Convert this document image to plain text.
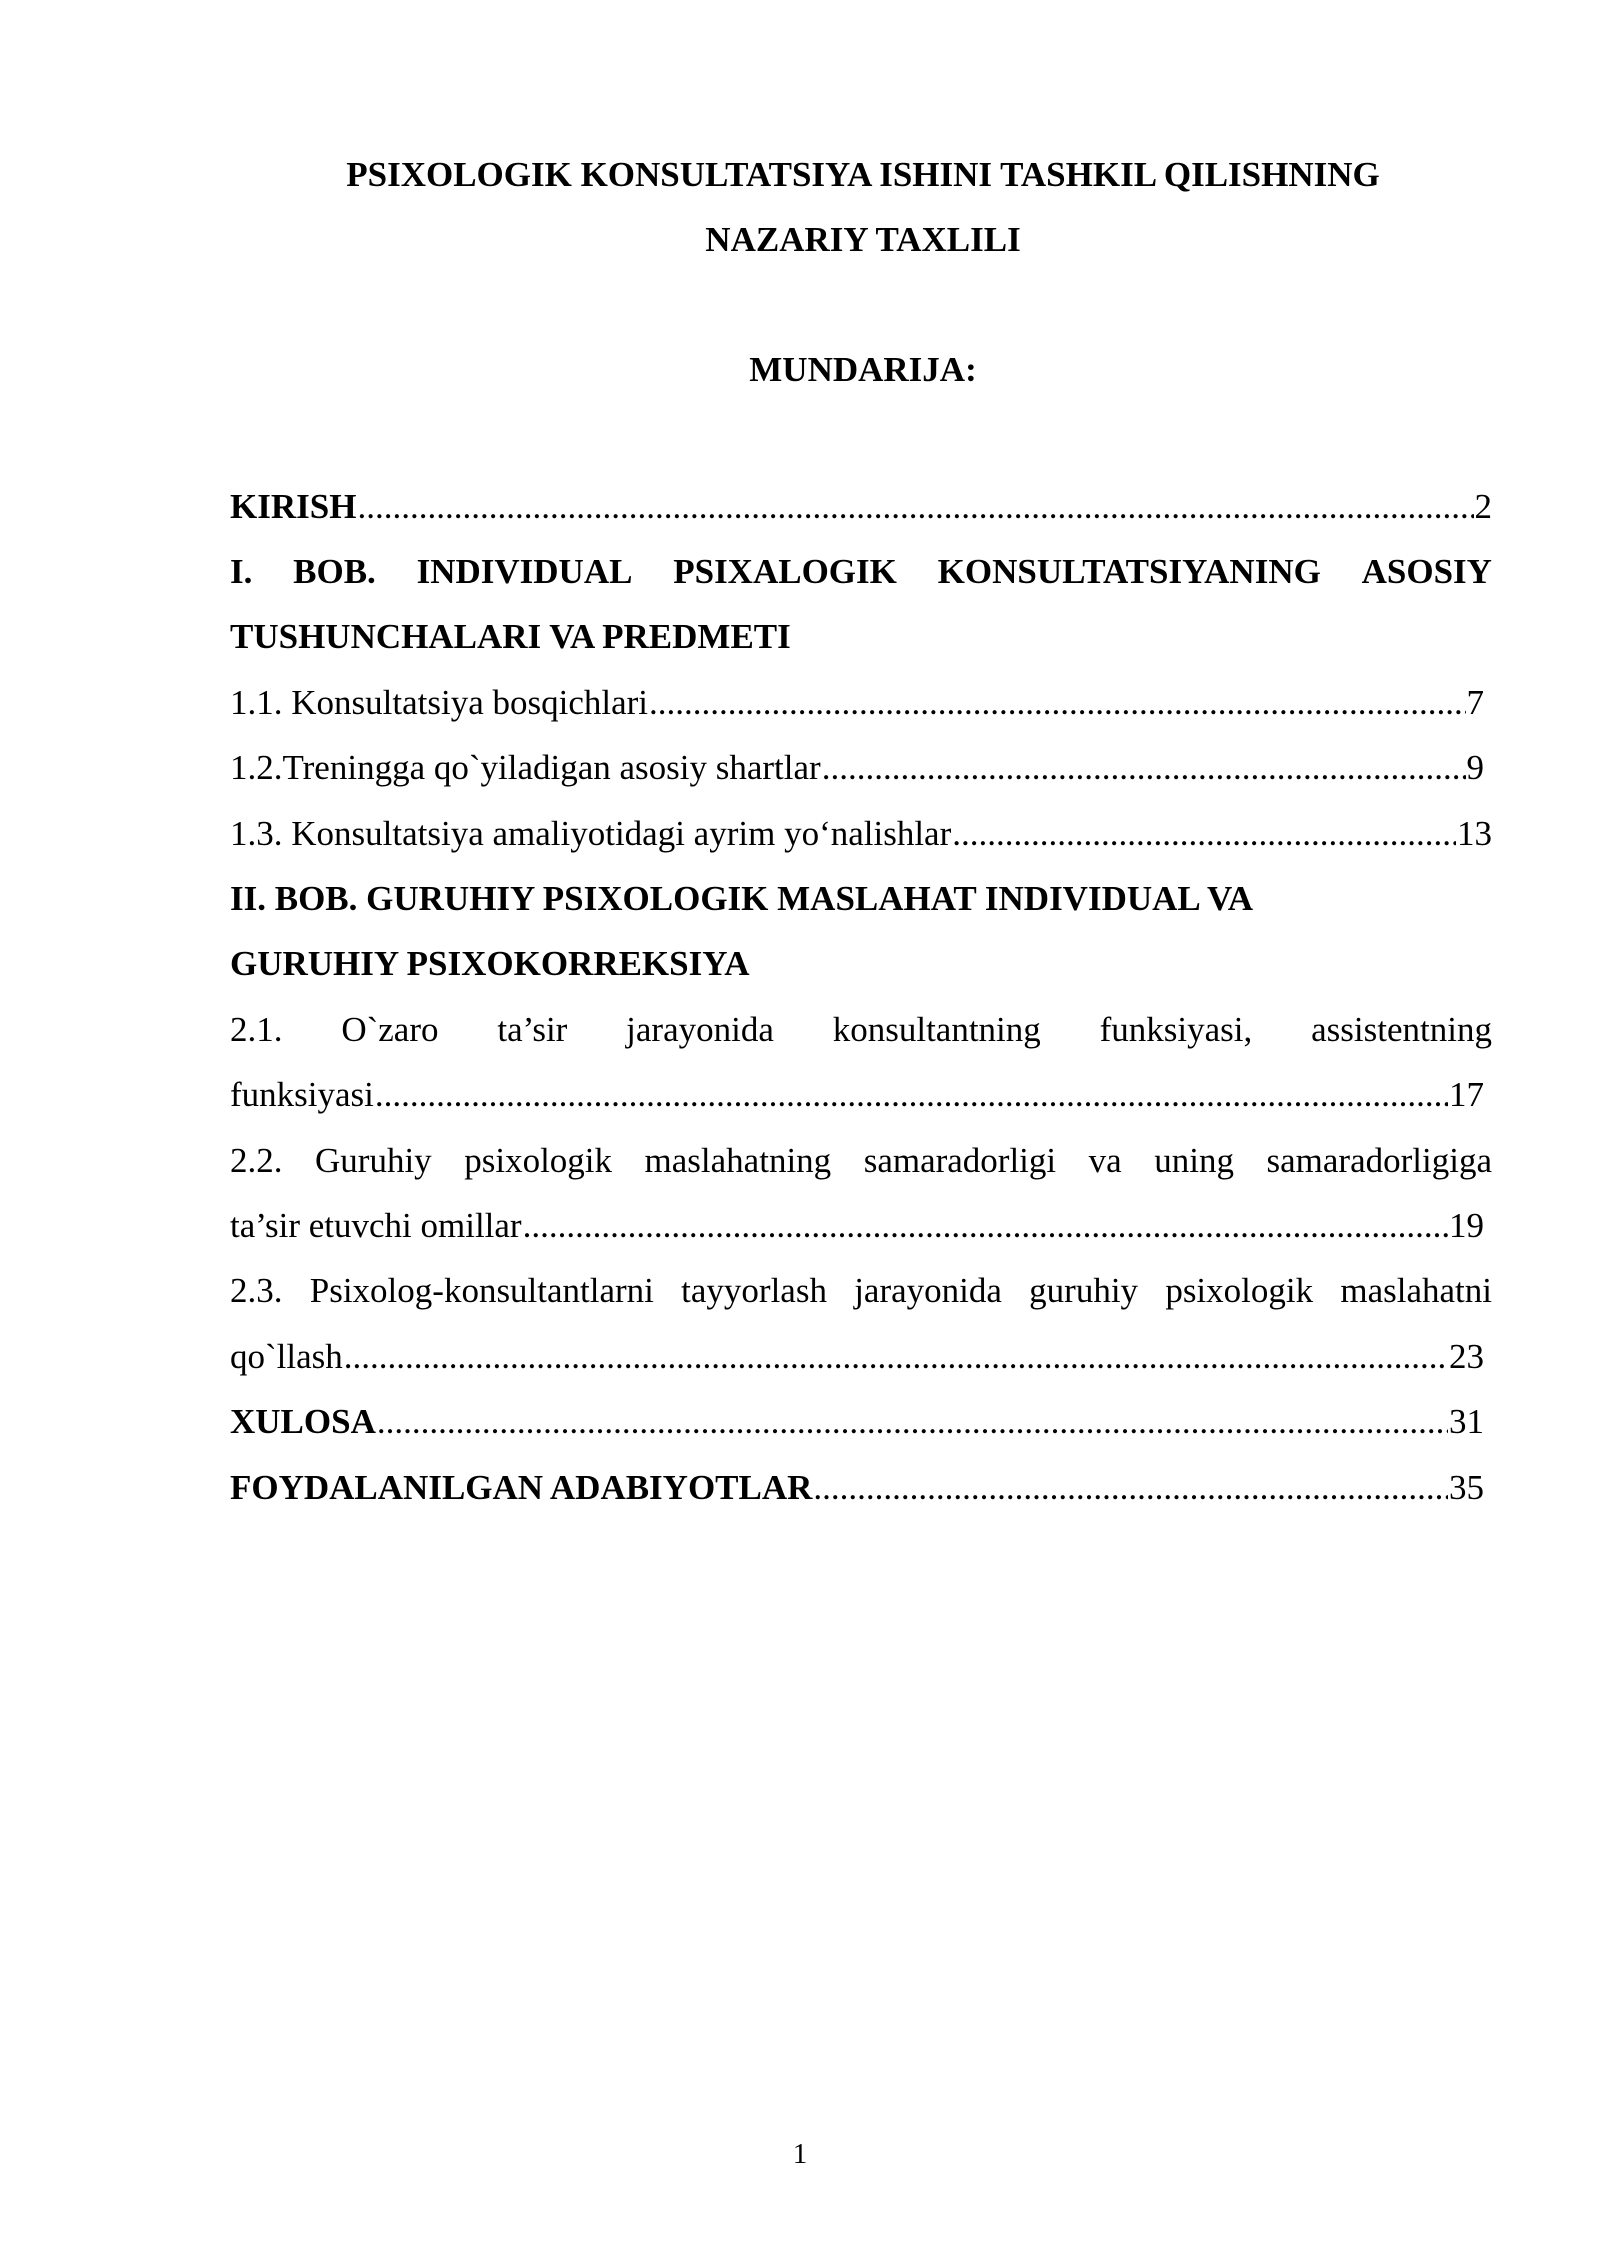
PSIXOLOGIK KONSULTATSIYA ISHINI TASHKIL QILISHNING
NAZARIY TAXLILI
MUNDARIJA:
KIRISH .....	2
I. BOB. INDIVIDUAL PSIXALOGIK KONSULTATSIYANING ASOSIY
TUSHUNCHALARI VA PREDMETI
1.1. Konsultatsiya bosqichlari .....	7
1.2.Treningga qo`yiladigan asosiy shartlar .....	9
1.3. Konsultatsiya amaliyotidagi ayrim yo‘nalishlar .....	13
II. BOB. GURUHIY PSIXOLOGIK MASLAHAT INDIVIDUAL VA
GURUHIY PSIXOKORREKSIYA
2.1. O`zaro ta’sir jarayonida konsultantning funksiyasi, assistentning
funksiyasi .....	17
2.2. Guruhiy psixologik maslahatning samaradorligi va uning samaradorligiga
ta’sir etuvchi omillar .....	19
2.3. Psixolog-konsultantlarni tayyorlash jarayonida guruhiy psixologik maslahatni
qo`llash .....	23
XULOSA .....	31
FOYDALANILGAN ADABIYOTLAR .....	35
1
